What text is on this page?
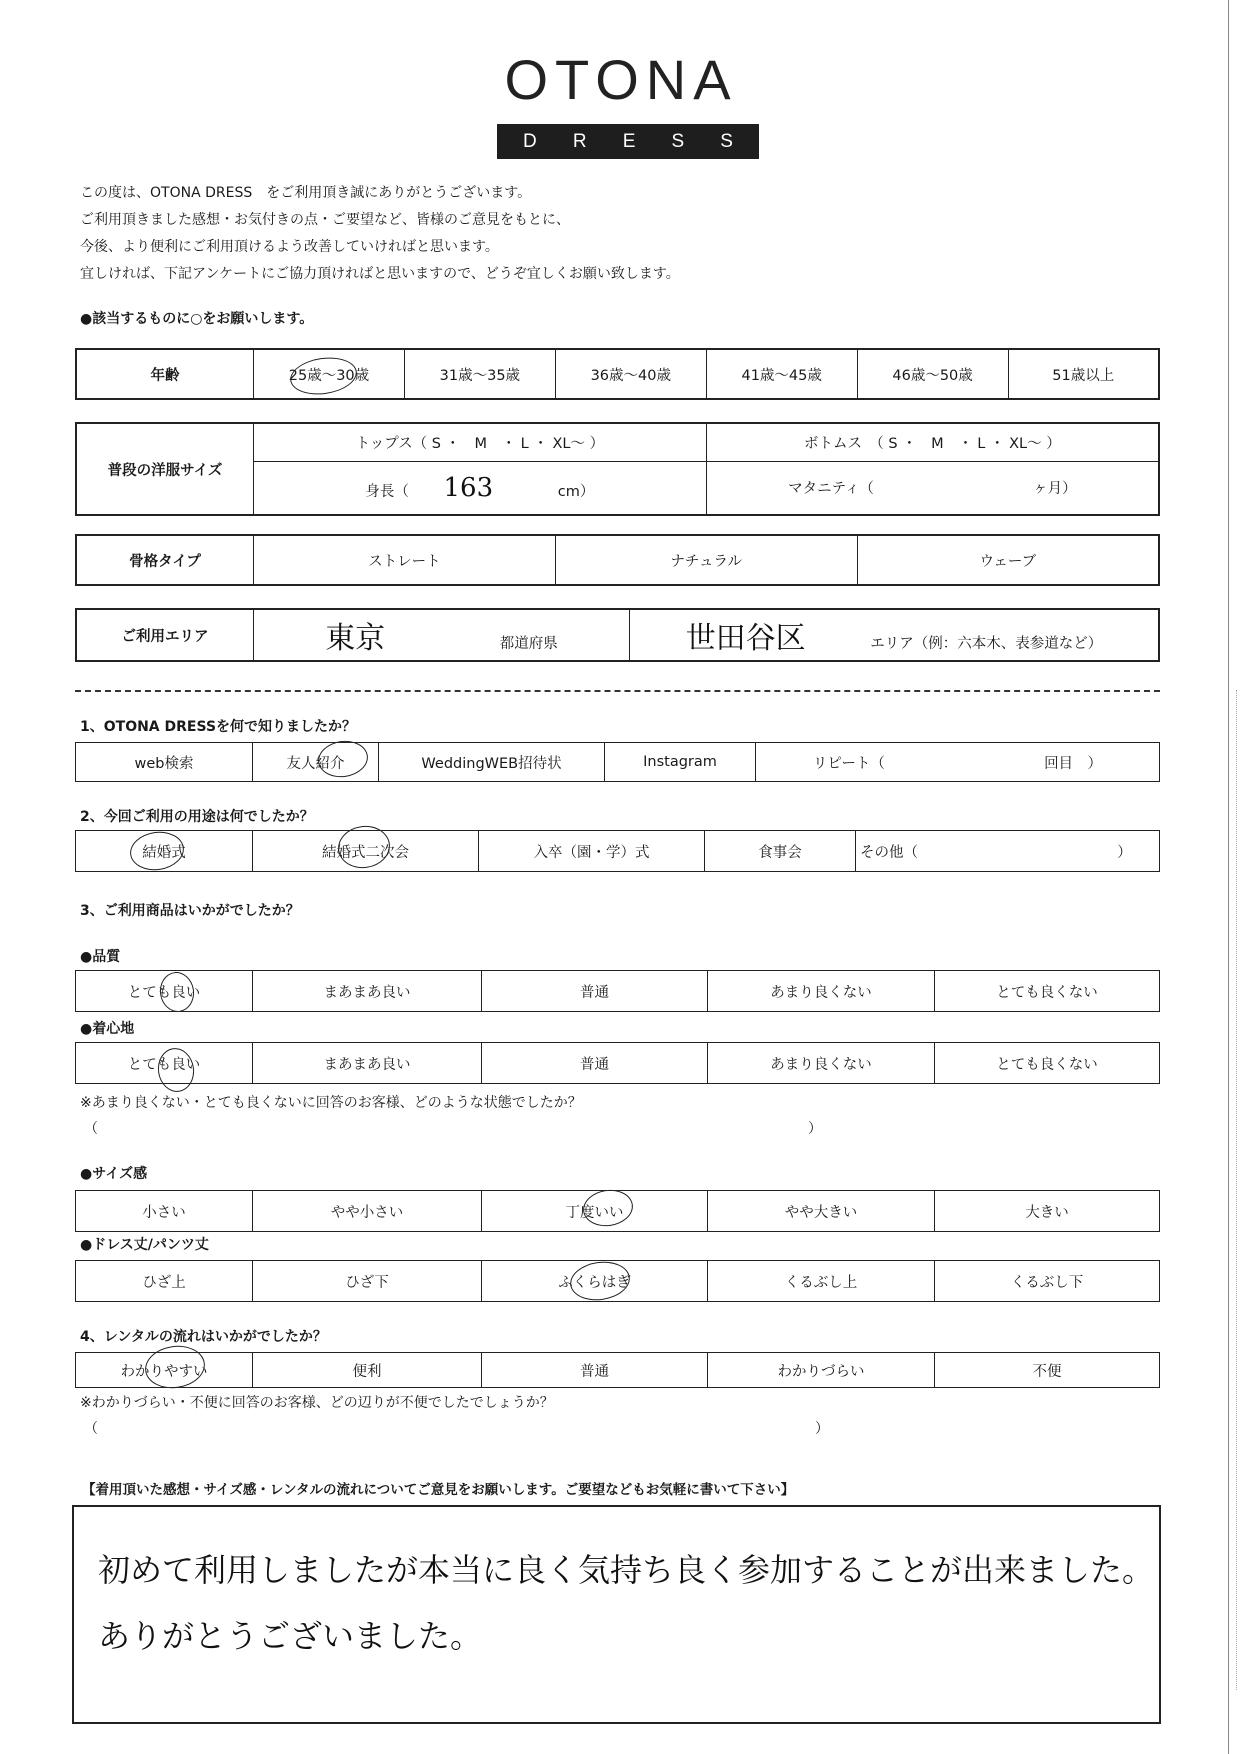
OTONA
D R E S S
この度は、OTONA DRESS　をご利用頂き誠にありがとうございます。
ご利用頂きました感想・お気付きの点・ご要望など、皆様のご意見をもとに、
今後、より便利にご利用頂けるよう改善していければと思います。
宜しければ、下記アンケートにご協力頂ければと思いますので、どうぞ宜しくお願い致します。
●該当するものに○をお願いします。
年齢	25歳～30歳	31歳～35歳	36歳～40歳	41歳～45歳	46歳～50歳	51歳以上
普段の洋服サイズ	トップス（ S ・　M　・ L ・ XL～ ）	ボトムス　（ S ・　M　・ L ・ XL～ ）
	身長（ 163 cm）	マタニティ（ ヶ月）
骨格タイプ	ストレート	ナチュラル	ウェーブ
ご利用エリア	東京	都道府県	世田谷区	エリア（例：六本木、表参道など）
1、OTONA DRESSを何で知りましたか？
web検索	友人紹介	WeddingWEB招待状	Instagram	リピート（	回目　）
2、今回ご利用の用途は何でしたか？
結婚式	結婚式二次会	入卒（園・学）式	食事会	その他（	）
3、ご利用商品はいかがでしたか？
●品質
とても良い	まあまあ良い	普通	あまり良くない	とても良くない
●着心地
とても良い	まあまあ良い	普通	あまり良くない	とても良くない
※あまり良くない・とても良くないに回答のお客様、どのような状態でしたか？
（	）
●サイズ感
小さい	やや小さい	丁度いい	やや大きい	大きい
●ドレス丈/パンツ丈
ひざ上	ひざ下	ふくらはぎ	くるぶし上	くるぶし下
4、レンタルの流れはいかがでしたか？
わかりやすい	便利	普通	わかりづらい	不便
※わかりづらい・不便に回答のお客様、どの辺りが不便でしたでしょうか？
（	）
【着用頂いた感想・サイズ感・レンタルの流れについてご意見をお願いします。ご要望などもお気軽に書いて下さい】
初めて利用しましたが本当に良く気持ち良く参加することが出来ました。
ありがとうございました。
